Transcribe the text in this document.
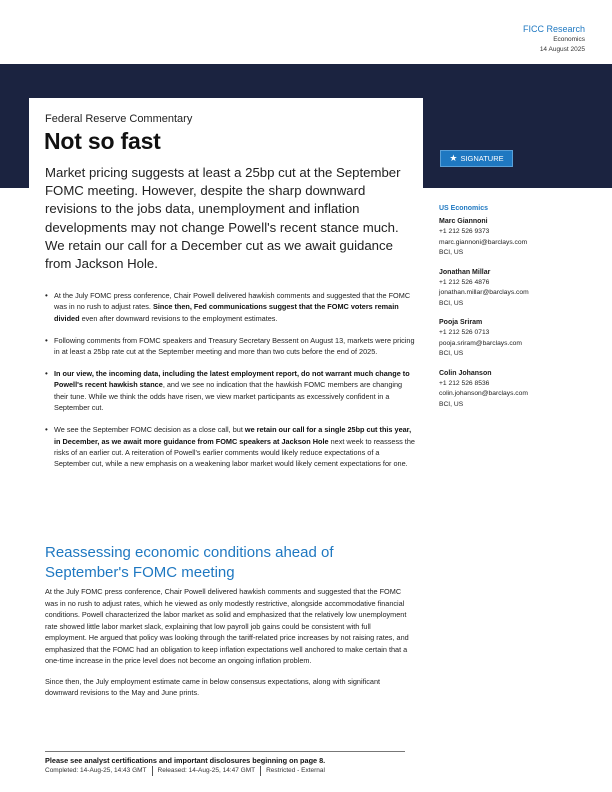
FICC Research
Economics
14 August 2025
Federal Reserve Commentary
Not so fast
Market pricing suggests at least a 25bp cut at the September FOMC meeting. However, despite the sharp downward revisions to the jobs data, unemployment and inflation developments may not change Powell's recent stance much. We retain our call for a December cut as we await guidance from Jackson Hole.
★ SIGNATURE
US Economics
Marc Giannoni
+1 212 526 9373
marc.giannoni@barclays.com
BCI, US
Jonathan Millar
+1 212 526 4876
jonathan.millar@barclays.com
BCI, US
Pooja Sriram
+1 212 526 0713
pooja.sriram@barclays.com
BCI, US
Colin Johanson
+1 212 526 8536
colin.johanson@barclays.com
BCI, US
• At the July FOMC press conference, Chair Powell delivered hawkish comments and suggested that the FOMC was in no rush to adjust rates. Since then, Fed communications suggest that the FOMC voters remain divided even after downward revisions to the employment estimates.
• Following comments from FOMC speakers and Treasury Secretary Bessent on August 13, markets were pricing in at least a 25bp rate cut at the September meeting and more than two cuts before the end of 2025.
• In our view, the incoming data, including the latest employment report, do not warrant much change to Powell's recent hawkish stance, and we see no indication that the hawkish FOMC members are changing their tune. While we think the odds have risen, we view market participants as excessively confident in a September cut.
• We see the September FOMC decision as a close call, but we retain our call for a single 25bp cut this year, in December, as we await more guidance from FOMC speakers at Jackson Hole next week to reassess the risks of an earlier cut. A reiteration of Powell's earlier comments would likely reduce expectations of a September cut, while a new emphasis on a weakening labor market would likely cement expectations for one.
Reassessing economic conditions ahead of September's FOMC meeting

At the July FOMC press conference, Chair Powell delivered hawkish comments and suggested that the FOMC was in no rush to adjust rates, which he viewed as only modestly restrictive, alongside accommodative financial conditions. Powell characterized the labor market as solid and emphasized that the relatively low unemployment rate showed little labor market slack, explaining that low payroll job gains could be consistent with full employment. He argued that policy was looking through the tariff-related price increases by not raising rates, and emphasized that the FOMC had an obligation to keep inflation expectations well anchored to make certain that a one-time increase in the price level does not become an ongoing inflation problem.

Since then, the July employment estimate came in below consensus expectations, along with significant downward revisions to the May and June prints.

Please see analyst certifications and important disclosures beginning on page 8.
Completed: 14-Aug-25, 14:43 GMT	Released: 14-Aug-25, 14:47 GMT	Restricted - External
